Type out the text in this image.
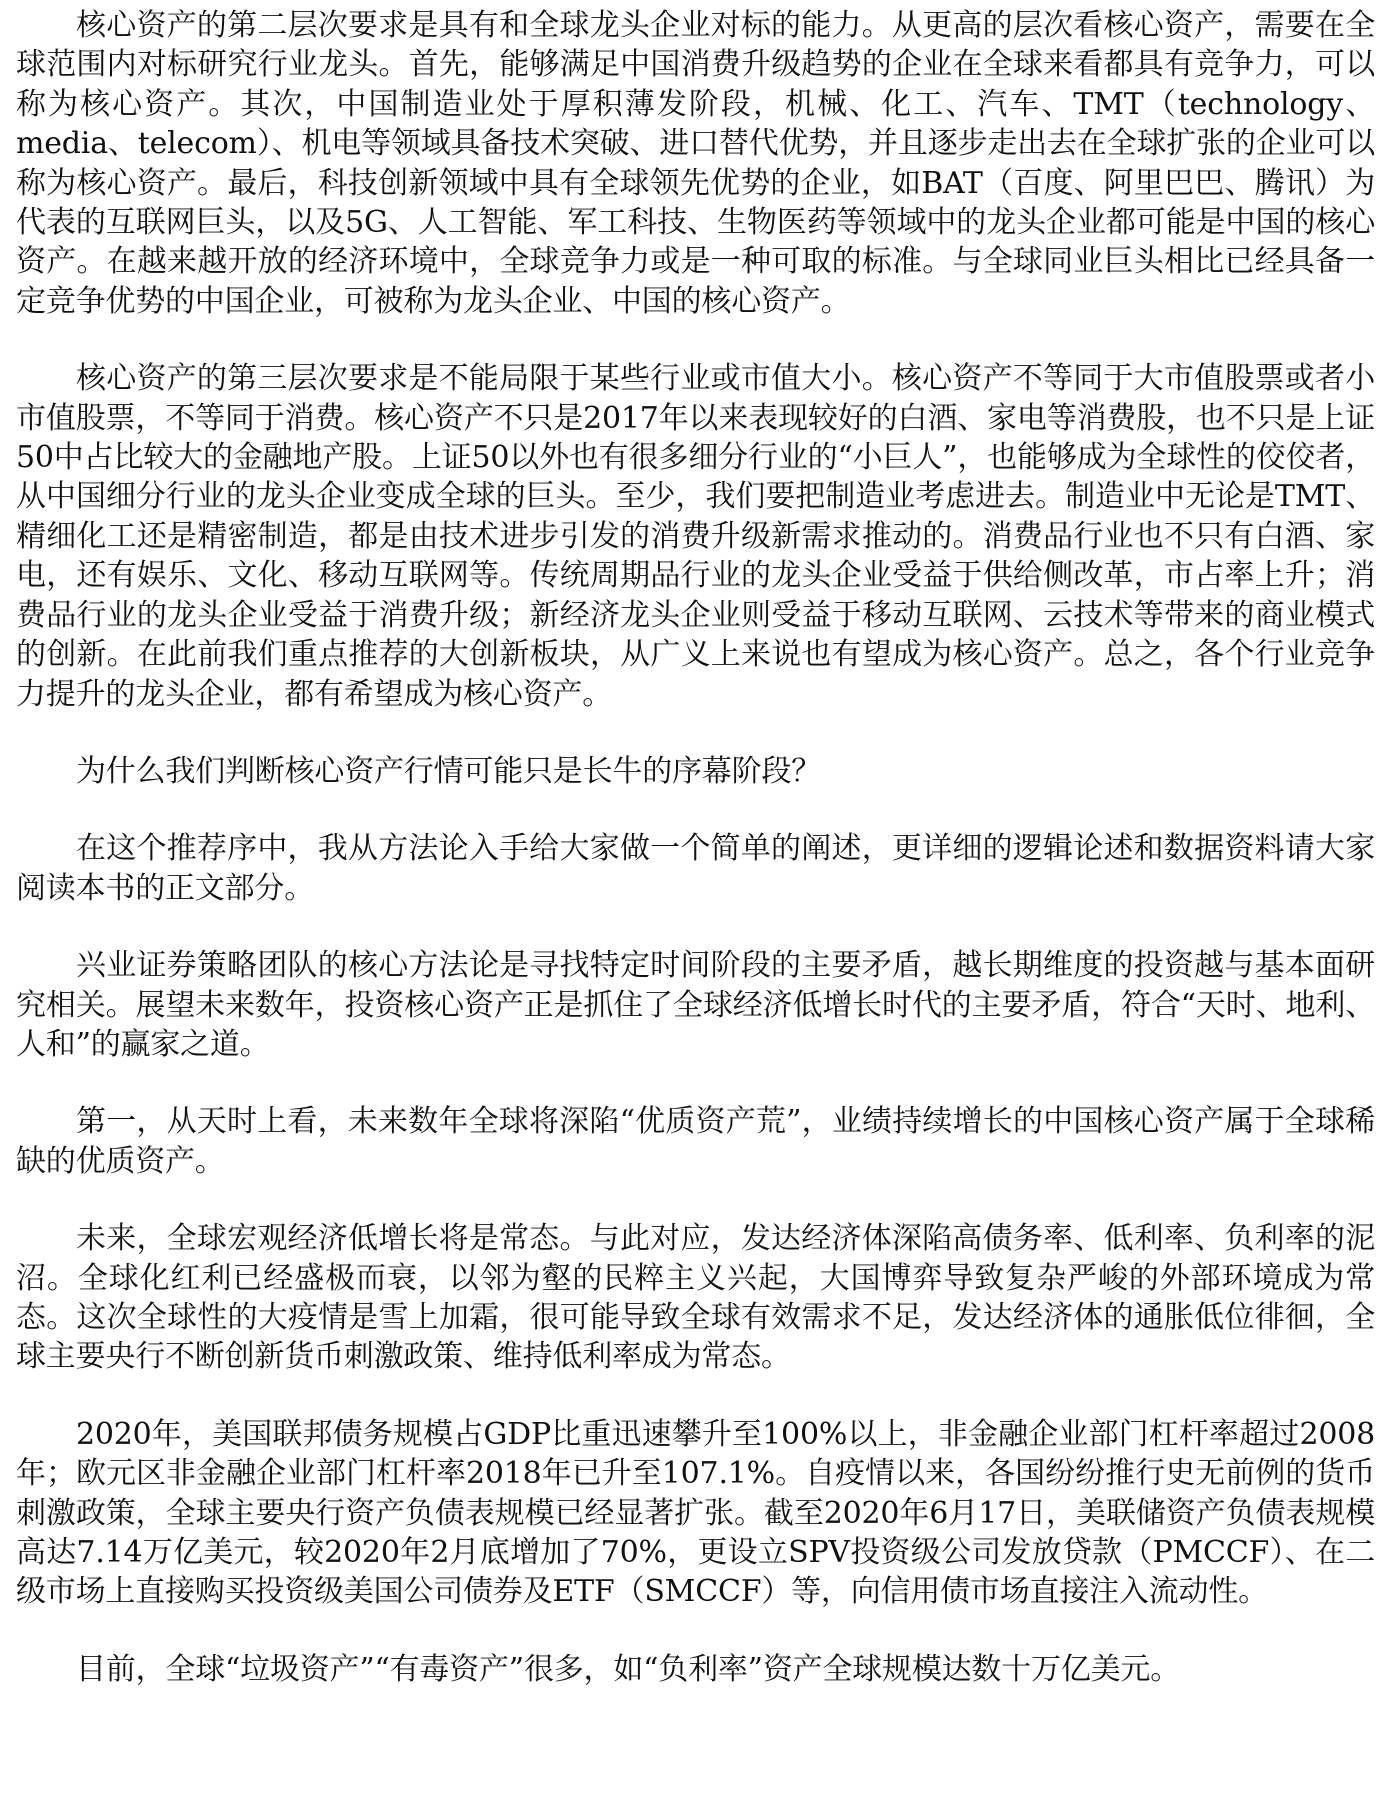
核心资产的第二层次要求是具有和全球龙头企业对标的能力。从更高的层次看核心资产，需要在全球范围内对标研究行业龙头。首先，能够满足中国消费升级趋势的企业在全球来看都具有竞争力，可以称为核心资产。其次，中国制造业处于厚积薄发阶段，机械、化工、汽车、TMT（technology、media、telecom）、机电等领域具备技术突破、进口替代优势，并且逐步走出去在全球扩张的企业可以称为核心资产。最后，科技创新领域中具有全球领先优势的企业，如BAT（百度、阿里巴巴、腾讯）为代表的互联网巨头，以及5G、人工智能、军工科技、生物医药等领域中的龙头企业都可能是中国的核心资产。在越来越开放的经济环境中，全球竞争力或是一种可取的标准。与全球同业巨头相比已经具备一定竞争优势的中国企业，可被称为龙头企业、中国的核心资产。

核心资产的第三层次要求是不能局限于某些行业或市值大小。核心资产不等同于大市值股票或者小市值股票，不等同于消费。核心资产不只是2017年以来表现较好的白酒、家电等消费股，也不只是上证50中占比较大的金融地产股。上证50以外也有很多细分行业的“小巨人”，也能够成为全球性的佼佼者，从中国细分行业的龙头企业变成全球的巨头。至少，我们要把制造业考虑进去。制造业中无论是TMT、精细化工还是精密制造，都是由技术进步引发的消费升级新需求推动的。消费品行业也不只有白酒、家电，还有娱乐、文化、移动互联网等。传统周期品行业的龙头企业受益于供给侧改革，市占率上升；消费品行业的龙头企业受益于消费升级；新经济龙头企业则受益于移动互联网、云技术等带来的商业模式的创新。在此前我们重点推荐的大创新板块，从广义上来说也有望成为核心资产。总之，各个行业竞争力提升的龙头企业，都有希望成为核心资产。

为什么我们判断核心资产行情可能只是长牛的序幕阶段？

在这个推荐序中，我从方法论入手给大家做一个简单的阐述，更详细的逻辑论述和数据资料请大家阅读本书的正文部分。

兴业证券策略团队的核心方法论是寻找特定时间阶段的主要矛盾，越长期维度的投资越与基本面研究相关。展望未来数年，投资核心资产正是抓住了全球经济低增长时代的主要矛盾，符合“天时、地利、人和”的赢家之道。

第一，从天时上看，未来数年全球将深陷“优质资产荒”，业绩持续增长的中国核心资产属于全球稀缺的优质资产。

未来，全球宏观经济低增长将是常态。与此对应，发达经济体深陷高债务率、低利率、负利率的泥沼。全球化红利已经盛极而衰，以邻为壑的民粹主义兴起，大国博弈导致复杂严峻的外部环境成为常态。这次全球性的大疫情是雪上加霜，很可能导致全球有效需求不足，发达经济体的通胀低位徘徊，全球主要央行不断创新货币刺激政策、维持低利率成为常态。

2020年，美国联邦债务规模占GDP比重迅速攀升至100%以上，非金融企业部门杠杆率超过2008年；欧元区非金融企业部门杠杆率2018年已升至107.1%。自疫情以来，各国纷纷推行史无前例的货币刺激政策，全球主要央行资产负债表规模已经显著扩张。截至2020年6月17日，美联储资产负债表规模高达7.14万亿美元，较2020年2月底增加了70%，更设立SPV投资级公司发放贷款（PMCCF）、在二级市场上直接购买投资级美国公司债券及ETF（SMCCF）等，向信用债市场直接注入流动性。

目前，全球“垃圾资产”“有毒资产”很多，如“负利率”资产全球规模达数十万亿美元。
